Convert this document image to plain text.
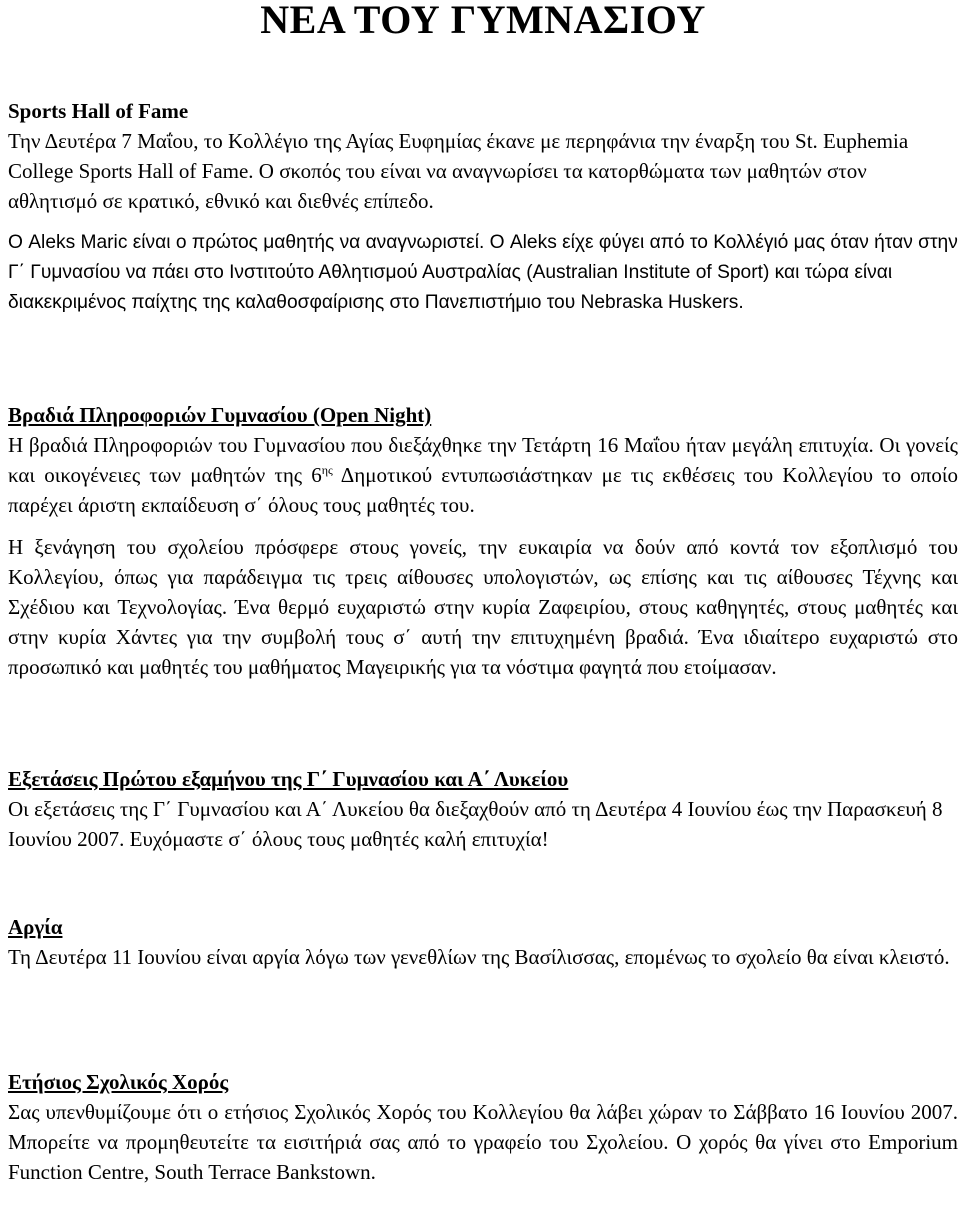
ΝΕΑ ΤΟΥ ΓΥΜΝΑΣΙΟΥ
Sports Hall of Fame

Την Δευτέρα 7 Μαΐου, το Κολλέγιο της Αγίας Ευφημίας έκανε με περηφάνια την έναρξη του St. Euphemia College Sports Hall of Fame. Ο σκοπός του είναι να αναγνωρίσει τα κατορθώματα των μαθητών στον αθλητισμό σε κρατικό, εθνικό και διεθνές επίπεδο.

Ο Aleks Maric είναι ο πρώτος μαθητής να αναγνωριστεί. Ο Aleks είχε φύγει από το Κολλέγιό μας όταν ήταν στην Γ΄ Γυμνασίου να πάει στο Ινστιτούτο Αθλητισμού Αυστραλίας (Australian Institute of Sport) και τώρα είναι διακεκριμένος παίχτης της καλαθοσφαίρισης στο Πανεπιστήμιο του Nebraska Huskers.

Βραδιά Πληροφοριών Γυμνασίου (Open Night)

Η βραδιά Πληροφοριών του Γυμνασίου που διεξάχθηκε την Τετάρτη 16 Μαΐου ήταν μεγάλη επιτυχία. Οι γονείς και οικογένειες των μαθητών της $6^{\eta\varsigma}$ Δημοτικού εντυπωσιάστηκαν με τις εκθέσεις του Κολλεγίου το οποίο παρέχει άριστη εκπαίδευση σ΄ όλους τους μαθητές του.

Η ξενάγηση του σχολείου πρόσφερε στους γονείς, την ευκαιρία να δούν από κοντά τον εξοπλισμό του Κολλεγίου, όπως για παράδειγμα τις τρεις αίθουσες υπολογιστών, ως επίσης και τις αίθουσες Τέχνης και Σχέδιου και Τεχνολογίας. Ένα θερμό ευχαριστώ στην κυρία Ζαφειρίου, στους καθηγητές, στους μαθητές και στην κυρία Χάντες για την συμβολή τους σ΄ αυτή την επιτυχημένη βραδιά. Ένα ιδιαίτερο ευχαριστώ στο προσωπικό και μαθητές του μαθήματος Μαγειρικής για τα νόστιμα φαγητά που ετοίμασαν.

Εξετάσεις Πρώτου εξαμήνου της Γ΄ Γυμνασίου και Α΄ Λυκείου

Οι εξετάσεις της Γ΄ Γυμνασίου και Α΄ Λυκείου θα διεξαχθούν από τη Δευτέρα 4 Ιουνίου έως την Παρασκευή 8 Ιουνίου 2007. Ευχόμαστε σ΄ όλους τους μαθητές καλή επιτυχία!

Αργία

Τη Δευτέρα 11 Ιουνίου είναι αργία λόγω των γενεθλίων της Βασίλισσας, επομένως το σχολείο θα είναι κλειστό.

Ετήσιος Σχολικός Χορός

Σας υπενθυμίζουμε ότι ο ετήσιος Σχολικός Χορός του Κολλεγίου θα λάβει χώραν το Σάββατο 16 Ιουνίου 2007. Μπορείτε να προμηθευτείτε τα εισιτήριά σας από το γραφείο του Σχολείου. Ο χορός θα γίνει στο Emporium Function Centre, South Terrace Bankstown.
